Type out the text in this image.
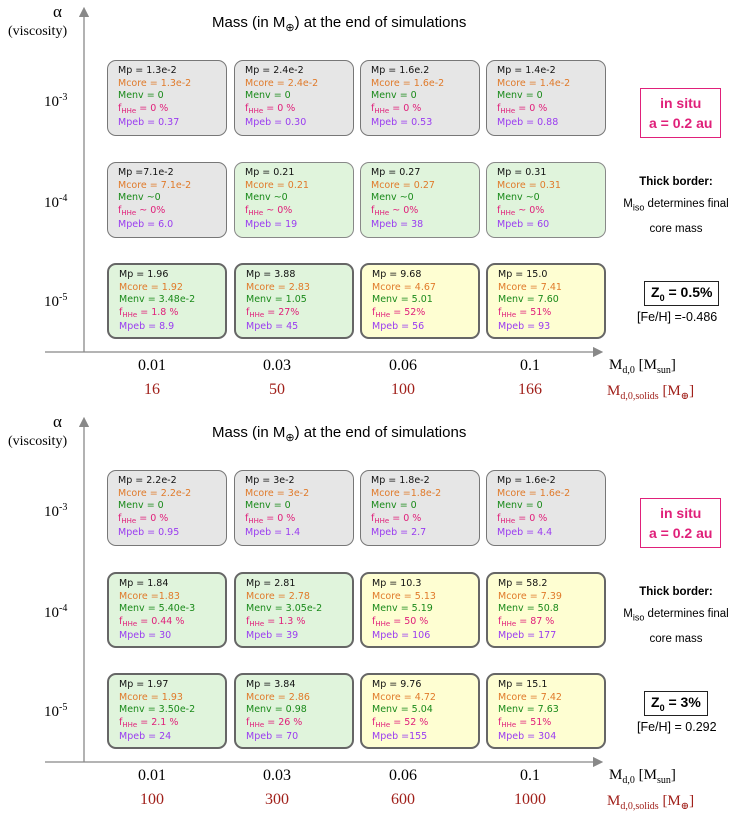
α
(viscosity)
$10^{-3}$
$10^{-4}$
$10^{-5}$
Mass (in $M_\oplus$) at the end of simulations
Mp = 1.3e-2
Mcore = 1.3e-2
Menv = 0
$f_{HHe} = 0$ %
Mpeb = 0.37
Mp = 2.4e-2
Mcore = 2.4e-2
Menv = 0
$f_{HHe} = 0$ %
Mpeb = 0.30
Mp = 1.6e.2
Mcore = 1.6e-2
Menv = 0
$f_{HHe} = 0$ %
Mpeb = 0.53
Mp = 1.4e-2
Mcore = 1.4e-2
Menv = 0
$f_{HHe} = 0$ %
Mpeb = 0.88
Mp =7.1e-2
Mcore = 7.1e-2
Menv ~0
$f_{HHe}$ ~ 0%
Mpeb = 6.0
Mp = 0.21
Mcore = 0.21
Menv ~0
$f_{HHe}$ ~ 0%
Mpeb = 19
Mp = 0.27
Mcore = 0.27
Menv ~0
$f_{HHe}$ ~ 0%
Mpeb = 38
Mp = 0.31
Mcore = 0.31
Menv ~0
$f_{HHe}$ ~ 0%
Mpeb = 60
Mp = 1.96
Mcore = 1.92
Menv = 3.48e-2
$f_{HHe} = 1.8$ %
Mpeb = 8.9
Mp = 3.88
Mcore = 2.83
Menv = 1.05
$f_{HHe} = 27\%$
Mpeb = 45
Mp = 9.68
Mcore = 4.67
Menv = 5.01
$f_{HHe} = 52\%$
Mpeb = 56
Mp = 15.0
Mcore = 7.41
Menv = 7.60
$f_{HHe} = 51\%$
Mpeb = 93
0.01	0.03	0.06	0.1
16	50	100	166
$M_{d,0}$ $[M_{sun}]$
$M_{d,0,solids}$ $[M_\oplus]$
in situ
a = 0.2 au
Thick border:
$M_{iso}$ determines final
core mass
$Z_0 = 0.5\%$
[Fe/H] =-0.486
α
(viscosity)
$10^{-3}$
$10^{-4}$
$10^{-5}$
Mass (in $M_\oplus$) at the end of simulations
Mp = 2.2e-2
Mcore = 2.2e-2
Menv = 0
$f_{HHe} = 0$ %
Mpeb = 0.95
Mp = 3e-2
Mcore = 3e-2
Menv = 0
$f_{HHe} = 0$ %
Mpeb = 1.4
Mp = 1.8e-2
Mcore =1.8e-2
Menv = 0
$f_{HHe} = 0$ %
Mpeb = 2.7
Mp = 1.6e-2
Mcore = 1.6e-2
Menv = 0
$f_{HHe} = 0$ %
Mpeb = 4.4
Mp = 1.84
Mcore =1.83
Menv = 5.40e-3
$f_{HHe} = 0.44$ %
Mpeb = 30
Mp = 2.81
Mcore = 2.78
Menv = 3.05e-2
$f_{HHe} = 1.3$ %
Mpeb = 39
Mp = 10.3
Mcore = 5.13
Menv = 5.19
$f_{HHe} = 50$ %
Mpeb = 106
Mp = 58.2
Mcore = 7.39
Menv = 50.8
$f_{HHe} = 87$ %
Mpeb = 177
Mp = 1.97
Mcore = 1.93
Menv = 3.50e-2
$f_{HHe} = 2.1$ %
Mpeb = 24
Mp = 3.84
Mcore = 2.86
Menv = 0.98
$f_{HHe} = 26$ %
Mpeb = 70
Mp = 9.76
Mcore = 4.72
Menv = 5.04
$f_{HHe} = 52$ %
Mpeb =155
Mp = 15.1
Mcore = 7.42
Menv = 7.63
$f_{HHe} = 51\%$
Mpeb = 304
0.01	0.03	0.06	0.1
100	300	600	1000
$M_{d,0}$ $[M_{sun}]$
$M_{d,0,solids}$ $[M_\oplus]$
in situ
a = 0.2 au
Thick border:
$M_{iso}$ determines final
core mass
$Z_0 = 3\%$
[Fe/H] = 0.292
